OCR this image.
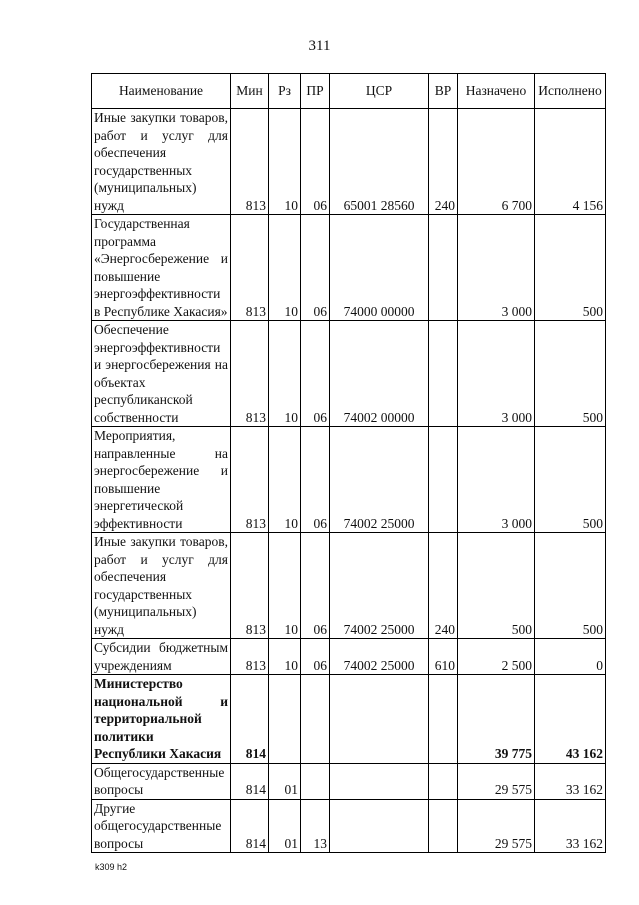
311
Наименование	Мин	Рз	ПР	ЦСР	ВР	Назначено	Исполнено
Иные закупки товаров, работ и услуг для обеспечения государственных (муниципальных) нужд	813	10	06	65001 28560	240	6 700	4 156
Государственная программа «Энергосбережение и повышение энергоэффективности в Республике Хакасия»	813	10	06	74000 00000		3 000	500
Обеспечение энергоэффективности и энергосбережения на объектах республиканской собственности	813	10	06	74002 00000		3 000	500
Мероприятия, направленные на энергосбережение и повышение энергетической эффективности	813	10	06	74002 25000		3 000	500
Иные закупки товаров, работ и услуг для обеспечения государственных (муниципальных) нужд	813	10	06	74002 25000	240	500	500
Субсидии бюджетным учреждениям	813	10	06	74002 25000	610	2 500	0
Министерство национальной и территориальной политики Республики Хакасия	814					39 775	43 162
Общегосударственные вопросы	814	01				29 575	33 162
Другие общегосударственные вопросы	814	01	13			29 575	33 162
k309 h2
